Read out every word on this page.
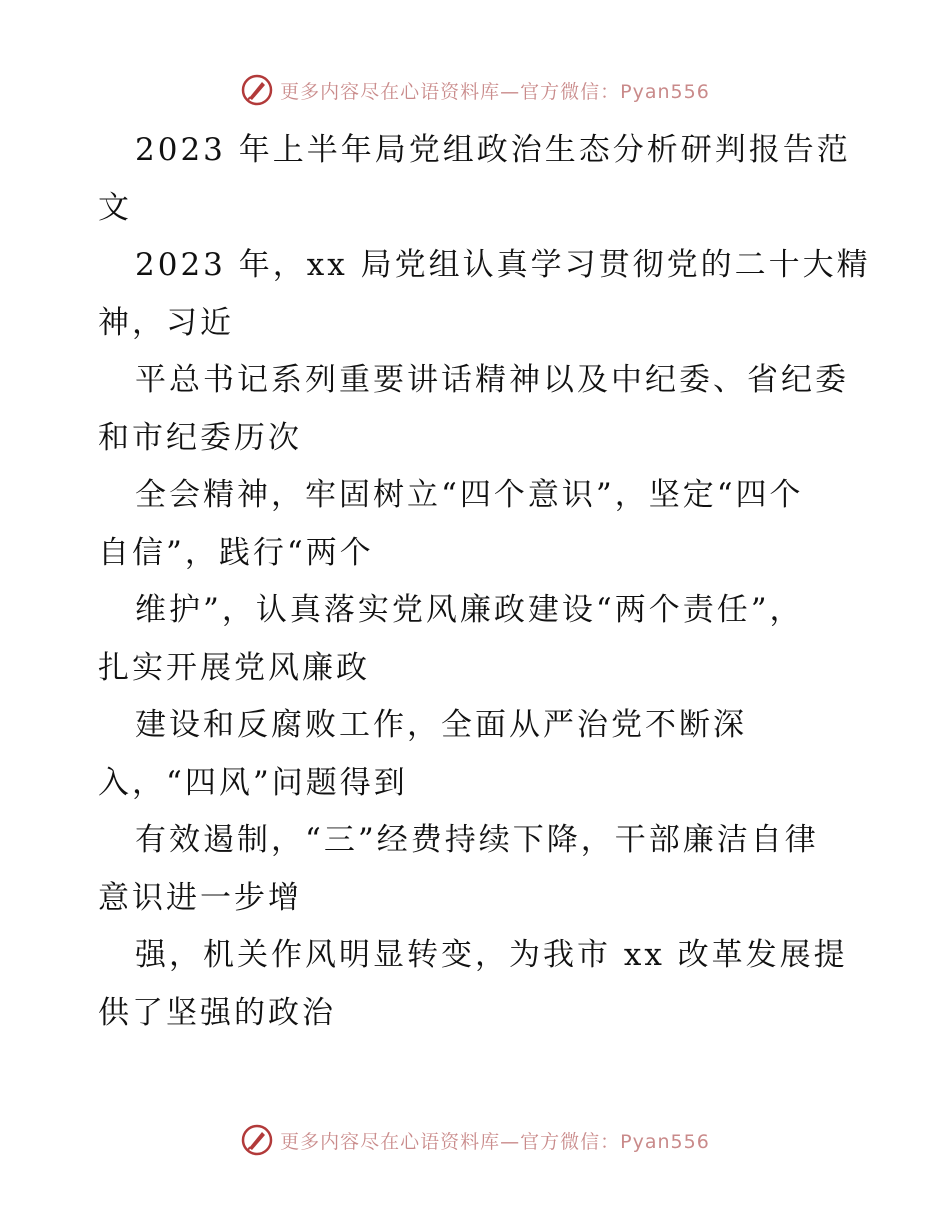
更多内容尽在心语资料库—官方微信：Pyan556
2023 年上半年局党组政治生态分析研判报告范
文
2023 年，xx 局党组认真学习贯彻党的二十大精
神，习近
平总书记系列重要讲话精神以及中纪委、省纪委
和市纪委历次
全会精神，牢固树立“四个意识”，坚定“四个
自信”，践行“两个
维护”，认真落实党风廉政建设“两个责任”，
扎实开展党风廉政
建设和反腐败工作，全面从严治党不断深
入，“四风”问题得到
有效遏制，“三”经费持续下降，干部廉洁自律
意识进一步增
强，机关作风明显转变，为我市 xx 改革发展提
供了坚强的政治
更多内容尽在心语资料库—官方微信：Pyan556
